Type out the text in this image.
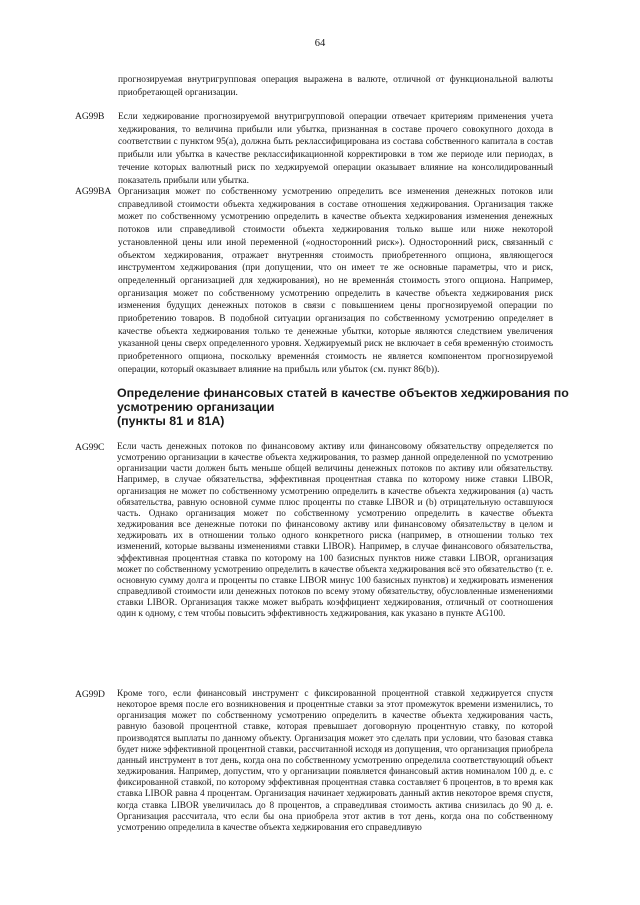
64
прогнозируемая внутригрупповая операция выражена в валюте, отличной от функциональной валюты приобретающей организации.
AG99B Если хеджирование прогнозируемой внутригрупповой операции отвечает критериям применения учета хеджирования, то величина прибыли или убытка, признанная в составе прочего совокупного дохода в соответствии с пунктом 95(а), должна быть реклассифицирована из состава собственного капитала в состав прибыли или убытка в качестве реклассификационной корректировки в том же периоде или периодах, в течение которых валютный риск по хеджируемой операции оказывает влияние на консолидированный показатель прибыли или убытка.
AG99BA Организация может по собственному усмотрению определить все изменения денежных потоков или справедливой стоимости объекта хеджирования в составе отношения хеджирования. Организация также может по собственному усмотрению определить в качестве объекта хеджирования изменения денежных потоков или справедливой стоимости объекта хеджирования только выше или ниже некоторой установленной цены или иной переменной («односторонний риск»). Односторонний риск, связанный с объектом хеджирования, отражает внутренняя стоимость приобретенного опциона, являющегося инструментом хеджирования (при допущении, что он имеет те же основные параметры, что и риск, определенный организацией для хеджирования), но не временнáя стоимость этого опциона. Например, организация может по собственному усмотрению определить в качестве объекта хеджирования риск изменения будущих денежных потоков в связи с повышением цены прогнозируемой операции по приобретению товаров. В подобной ситуации организация по собственному усмотрению определяет в качестве объекта хеджирования только те денежные убытки, которые являются следствием увеличения указанной цены сверх определенного уровня. Хеджируемый риск не включает в себя временнýю стоимость приобретенного опциона, поскольку временнáя стоимость не является компонентом прогнозируемой операции, который оказывает влияние на прибыль или убыток (см. пункт 86(b)).
Определение финансовых статей в качестве объектов хеджирования по
усмотрению организации
(пункты 81 и 81А)
AG99C Если часть денежных потоков по финансовому активу или финансовому обязательству определяется по усмотрению организации в качестве объекта хеджирования, то размер данной определенной по усмотрению организации части должен быть меньше общей величины денежных потоков по активу или обязательству. Например, в случае обязательства, эффективная процентная ставка по которому ниже ставки LIBOR, организация не может по собственному усмотрению определить в качестве объекта хеджирования (а) часть обязательства, равную основной сумме плюс проценты по ставке LIBOR и (b) отрицательную оставшуюся часть. Однако организация может по собственному усмотрению определить в качестве объекта хеджирования все денежные потоки по финансовому активу или финансовому обязательству в целом и хеджировать их в отношении только одного конкретного риска (например, в отношении только тех изменений, которые вызваны изменениями ставки LIBOR). Например, в случае финансового обязательства, эффективная процентная ставка по которому на 100 базисных пунктов ниже ставки LIBOR, организация может по собственному усмотрению определить в качестве объекта хеджирования всё это обязательство (т. е. основную сумму долга и проценты по ставке LIBOR минус 100 базисных пунктов) и хеджировать изменения справедливой стоимости или денежных потоков по всему этому обязательству, обусловленные изменениями ставки LIBOR. Организация также может выбрать коэффициент хеджирования, отличный от соотношения один к одному, с тем чтобы повысить эффективность хеджирования, как указано в пункте AG100.
AG99D Кроме того, если финансовый инструмент с фиксированной процентной ставкой хеджируется спустя некоторое время после его возникновения и процентные ставки за этот промежуток времени изменились, то организация может по собственному усмотрению определить в качестве объекта хеджирования часть, равную базовой процентной ставке, которая превышает договорную процентную ставку, по которой производятся выплаты по данному объекту. Организация может это сделать при условии, что базовая ставка будет ниже эффективной процентной ставки, рассчитанной исходя из допущения, что организация приобрела данный инструмент в тот день, когда она по собственному усмотрению определила соответствующий объект хеджирования. Например, допустим, что у организации появляется финансовый актив номиналом 100 д. е. с фиксированной ставкой, по которому эффективная процентная ставка составляет 6 процентов, в то время как ставка LIBOR равна 4 процентам. Организация начинает хеджировать данный актив некоторое время спустя, когда ставка LIBOR увеличилась до 8 процентов, а справедливая стоимость актива снизилась до 90 д. е. Организация рассчитала, что если бы она приобрела этот актив в тот день, когда она по собственному усмотрению определила в качестве объекта хеджирования его справедливую
